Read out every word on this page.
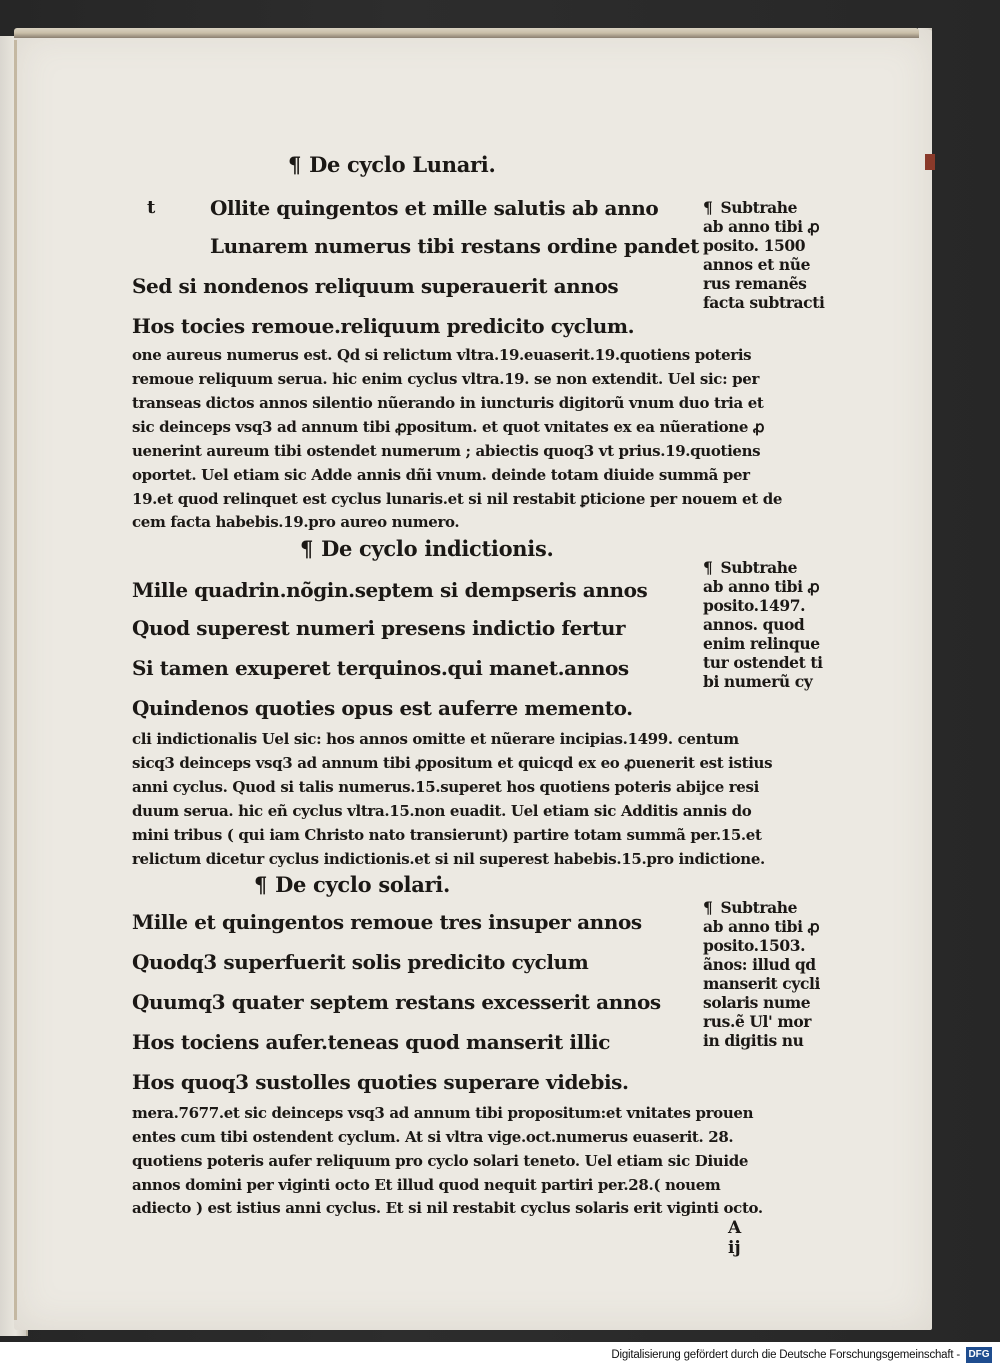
¶ De cyclo Lunari.
t	Ollite quingentos et mille salutis ab anno
Lunarem numerus tibi restans ordine pandet
Sed si nondenos reliquum superauerit annos
Hos tocies remoue.reliquum predicito cyclum.
one aureus numerus est. Qd si relictum vltra.19.euaserit.19.quotiens poteris
remoue reliquum serua. hic enim cyclus vltra.19. se non extendit. Uel sic: per
transeas dictos annos silentio nũerando in iuncturis digitorũ vnum duo tria et
sic deinceps vsq3 ad annum tibi ꝓpositum. et quot vnitates ex ea nũeratione ꝓ
uenerint aureum tibi ostendet numerum ; abiectis quoq3 vt prius.19.quotiens
oportet. Uel etiam sic Adde annis dñi vnum. deinde totam diuide summã per
19.et quod relinquet est cyclus lunaris.et si nil restabit ꝑticione per nouem et de
cem facta habebis.19.pro aureo numero.
¶ Subtrahe
ab anno tibi ꝓ
posito. 1500
annos et nũe
rus remanẽs
facta subtracti
¶ De cyclo indictionis.
Mille quadrin.nõgin.septem si dempseris annos
Quod superest numeri presens indictio fertur
Si tamen exuperet terquinos.qui manet.annos
Quindenos quoties opus est auferre memento.
cli indictionalis Uel sic: hos annos omitte et nũerare incipias.1499. centum
sicq3 deinceps vsq3 ad annum tibi ꝓpositum et quicqd ex eo ꝓuenerit est istius
anni cyclus. Quod si talis numerus.15.superet hos quotiens poteris abijce resi
duum serua. hic eñ cyclus vltra.15.non euadit. Uel etiam sic Additis annis do
mini tribus ( qui iam Christo nato transierunt) partire totam summã per.15.et
relictum dicetur cyclus indictionis.et si nil superest habebis.15.pro indictione.
¶ Subtrahe
ab anno tibi ꝓ
posito.1497.
annos. quod
enim relinque
tur ostendet ti
bi numerũ cy
¶ De cyclo solari.
Mille et quingentos remoue tres insuper annos
Quodq3 superfuerit solis predicito cyclum
Quumq3 quater septem restans excesserit annos
Hos tociens aufer.teneas quod manserit illic
Hos quoq3 sustolles quoties superare videbis.
mera.7677.et sic deinceps vsq3 ad annum tibi propositum:et vnitates prouen
entes cum tibi ostendent cyclum. At si vltra vige.oct.numerus euaserit. 28.
quotiens poteris aufer reliquum pro cyclo solari teneto. Uel etiam sic Diuide
annos domini per viginti octo Et illud quod nequit partiri per.28.( nouem
adiecto ) est istius anni cyclus. Et si nil restabit cyclus solaris erit viginti octo.
¶ Subtrahe
ab anno tibi ꝓ
posito.1503.
ãnos: illud qd
manserit cycli
solaris nume
rus.ẽ Ul' mor
in digitis nu
A ij
Digitalisierung gefördert durch die Deutsche Forschungsgemeinschaft - DFG
